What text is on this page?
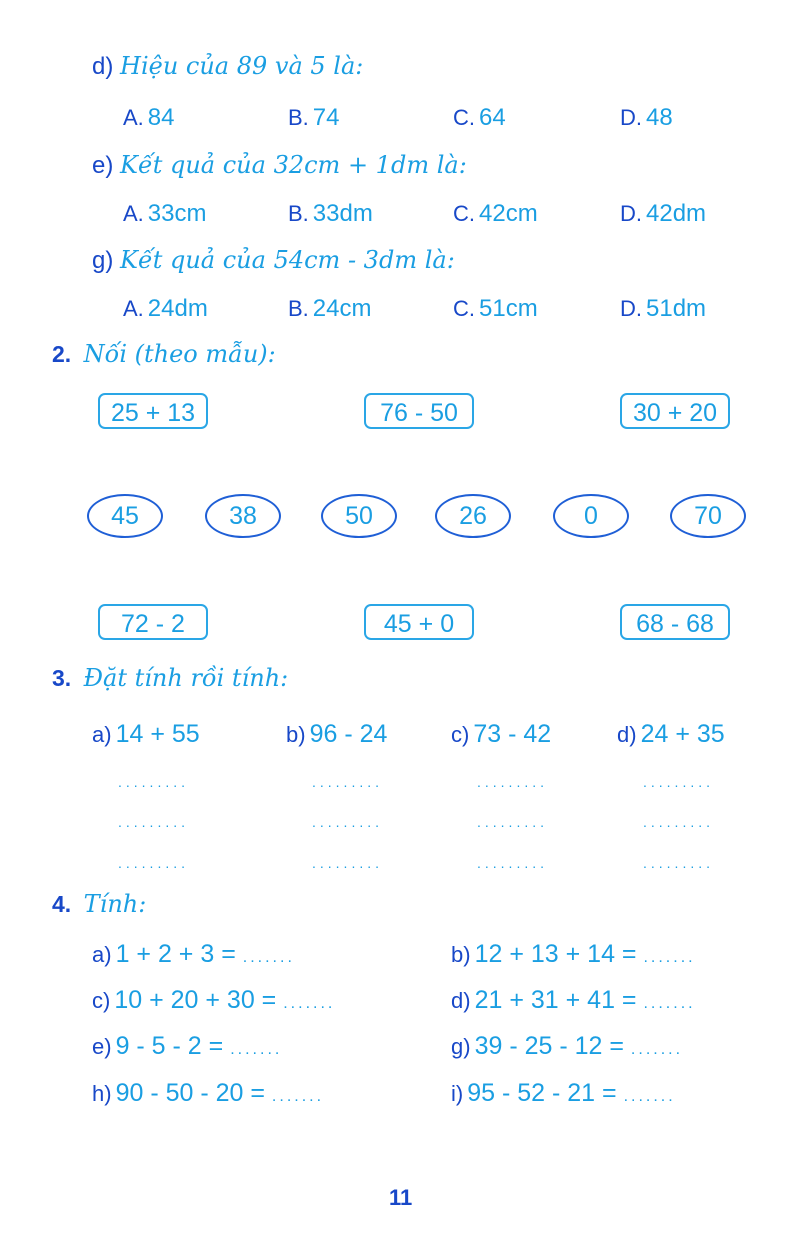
d) Hiệu của 89 và 5 là:
A. 84	B. 74	C. 64	D. 48
e) Kết quả của 32cm + 1dm là:
A. 33cm	B. 33dm	C. 42cm	D. 42dm
g) Kết quả của 54cm - 3dm là:
A. 24dm	B. 24cm	C. 51cm	D. 51dm
2. Nối (theo mẫu):
25 + 13	76 - 50	30 + 20
45	38	50	26	0	70
72 - 2	45 + 0	68 - 68
3. Đặt tính rồi tính:
a) 14 + 55	b) 96 - 24	c) 73 - 42	d) 24 + 35
.........	.........	.........	.........
.........	.........	.........	.........
.........	.........	.........	.........
4. Tính:
a) 1 + 2 + 3 = .......	b) 12 + 13 + 14 = .......
c) 10 + 20 + 30 = .......	d) 21 + 31 + 41 = .......
e) 9 - 5 - 2 = .......	g) 39 - 25 - 12 = .......
h) 90 - 50 - 20 = .......	i) 95 - 52 - 21 = .......
11
